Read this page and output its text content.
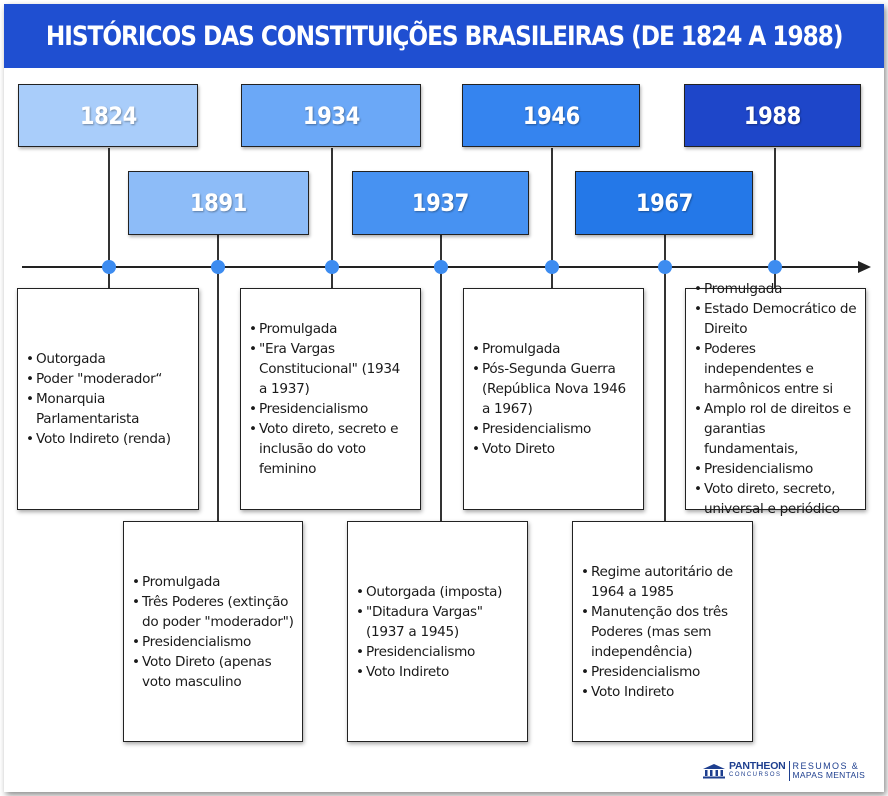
HISTÓRICOS DAS CONSTITUIÇÕES BRASILEIRAS (DE 1824 A 1988)
1824
1891
1934
1937
1946
1967
1988
• Outorgada
• Poder "moderador“
• Monarquia Parlamentarista
• Voto Indireto (renda)
• Promulgada
• Três Poderes (extinção do poder "moderador")
• Presidencialismo
• Voto Direto (apenas voto masculino
• Promulgada
• "Era Vargas Constitucional" (1934 a 1937)
• Presidencialismo
• Voto direto, secreto e inclusão do voto feminino
• Outorgada (imposta)
• "Ditadura Vargas" (1937 a 1945)
• Presidencialismo
• Voto Indireto
• Promulgada
• Pós-Segunda Guerra (República Nova 1946 a 1967)
• Presidencialismo
• Voto Direto
• Regime autoritário de 1964 a 1985
• Manutenção dos três Poderes (mas sem independência)
• Presidencialismo
• Voto Indireto
• Promulgada
• Estado Democrático de Direito
• Poderes independentes e harmônicos entre si
• Amplo rol de direitos e garantias fundamentais,
• Presidencialismo
• Voto direto, secreto, universal e periódico
PANTHEON
CONCURSOS
RESUMOS &
MAPAS MENTAIS
